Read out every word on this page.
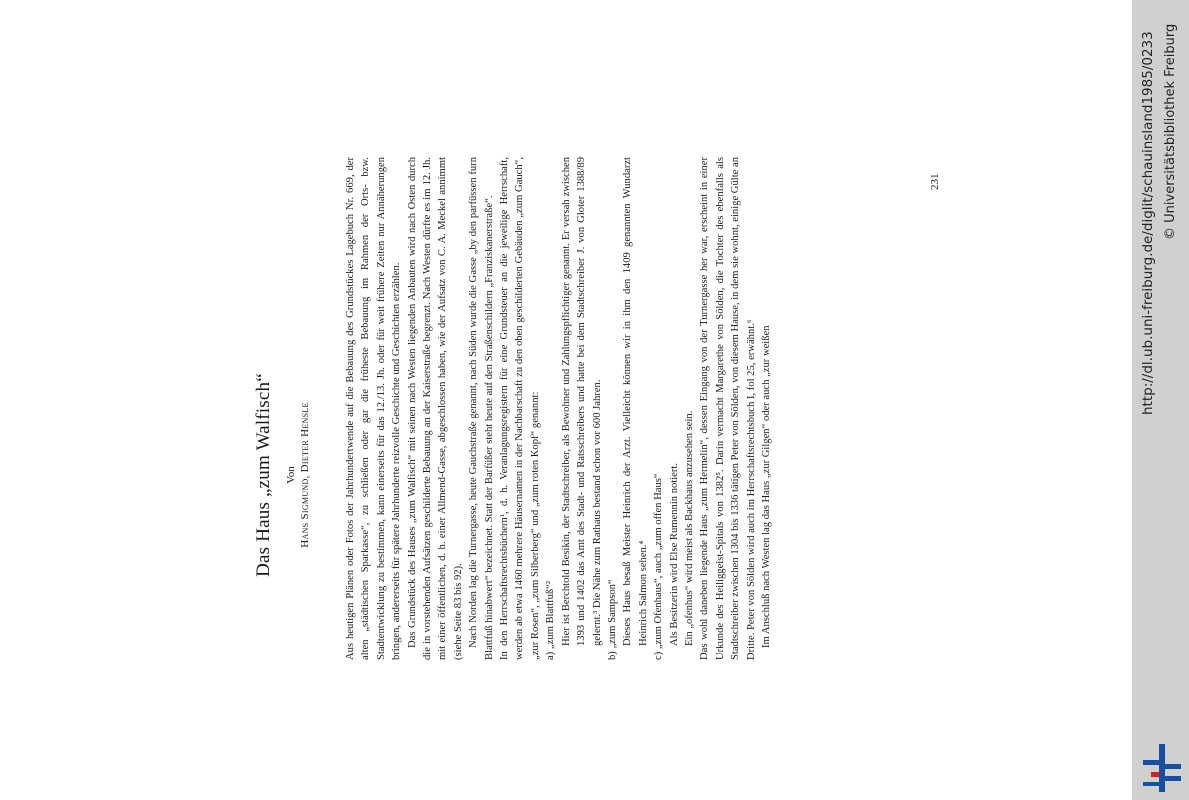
Das Haus „zum Walfisch“ Von Hans Sigmund, Dieter Hensle	Aus heutigen Plänen oder Fotos der Jahrhundertwende auf die Bebauung des Grundstückes Lagebuch Nr. 669, der alten „städtischen Sparkasse“, zu schließen oder gar die früheste Bebauung im Rahmen der Orts- bzw. Stadtentwicklung zu bestimmen, kann einerseits für das 12./13. Jh. oder für weit frühere Zeiten nur Annäherungen bringen, andererseits für spätere Jahrhunderte reizvolle Geschichte und Geschichten erzählen. Das Grundstück des Hauses „zum Walfisch“ mit seinen nach Westen liegenden Anbauten wird nach Osten durch die in vorstehenden Aufsätzen geschilderte Bebauung an der Kaiserstraße begrenzt. Nach Westen dürfte es im 12. Jh. mit einer öffentlichen, d. h. einer Allmend-Gasse, abgeschlossen haben, wie der Aufsatz von C. A. Meckel annimmt (siehe Seite 83 bis 92). Nach Norden lag die Turnergasse, heute Gauchstraße genannt, nach Süden wurde die Gasse „by den parfüssen furn Blattfuß hinabwert“ bezeichnet. Statt der Barfüßer steht heute auf den Straßenschildern „Franziskanerstraße“. In den Herrschaftsrechtsbüchern¹, d. h. Veranlagungsregistern für eine Grundsteuer an die jeweilige Herrschaft, werden ab etwa 1460 mehrere Häusernamen in der Nachbarschaft zu den oben geschilderten Gebäuden „zum Gauch“, „zur Rosen“, „zum Silberberg“ und „zum roten Kopf“ genannt: a) „zum Blattfuß“² Hier ist Berchtold Besikin, der Stadtschreiber, als Bewohner und Zahlungspflichtiger genannt. Er versah zwischen 1393 und 1402 das Amt des Stadt- und Ratsschreibers und hatte bei dem Stadtschreiber J. von Gloter 1388/89 gelernt.³ Die Nähe zum Rathaus bestand schon vor 600 Jahren. b) „zum Sampson“ Dieses Haus besaß Meister Heinrich der Arzt. Vielleicht können wir in ihm den 1409 genannten Wundarzt Heinrich Salmon sehen.⁴ c) „zum Ofenhaus“, auch „zum offen Haus“ Als Besitzerin wird Else Rumennin notiert. Ein „ofenhus“ wird meist als Backhaus anzusehen sein. Das wohl daneben liegende Haus „zum Hermelin“, dessen Eingang von der Turnergasse her war, erscheint in einer Urkunde des Heiliggeist-Spitals von 1382⁵. Darin vermacht Margarethe von Sölden, die Tochter des ebenfalls als Stadtschreiber zwischen 1304 bis 1336 tätigen Peter von Sölden, von diesem Hause, in dem sie wohnt, einige Gülte an Dritte. Peter von Sölden wird auch im Herrschaftsrechtsbuch I, fol 25, erwähnt.⁶ Im Anschluß nach Westen lag das Haus „zur Gilgen“ oder auch „zur weißen

231	http://dl.ub.uni-freiburg.de/diglit/schauinsland1985/0233 © Universitätsbibliothek Freiburg
